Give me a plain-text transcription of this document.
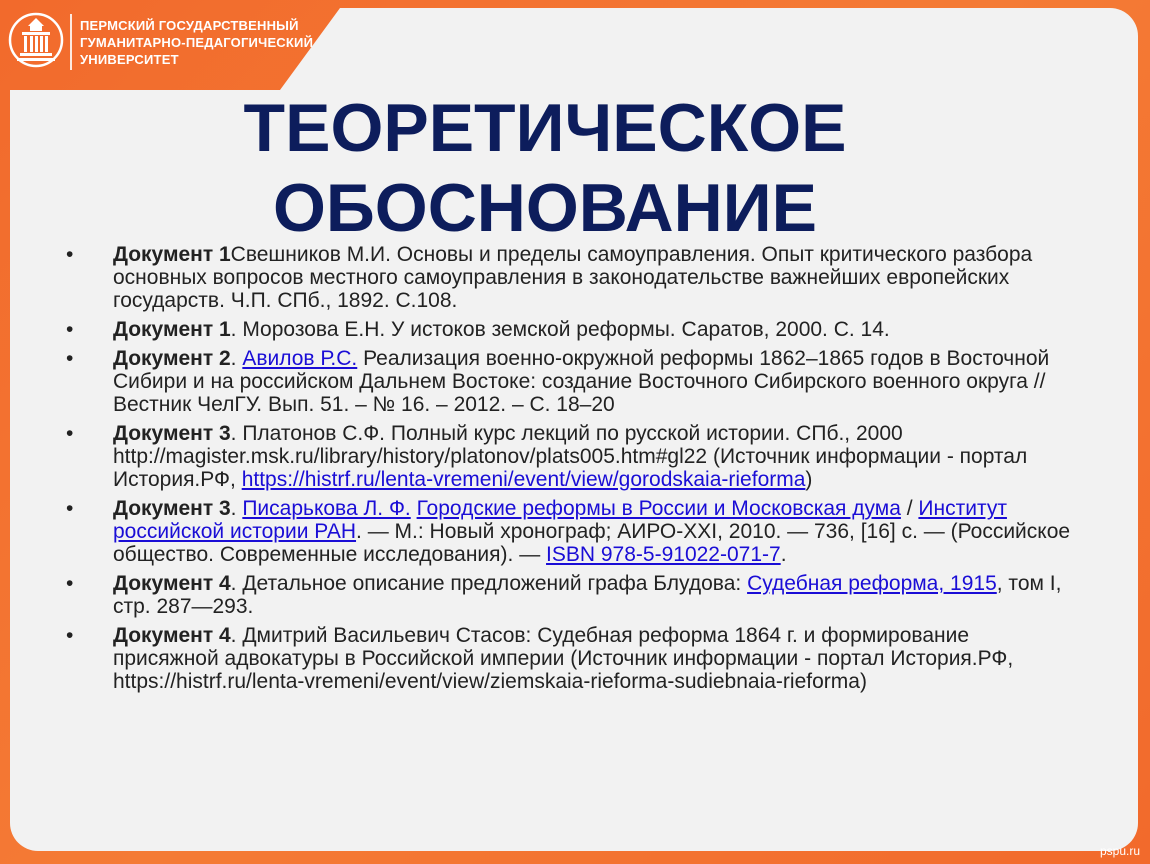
ПЕРМСКИЙ ГОСУДАРСТВЕННЫЙ
ГУМАНИТАРНО-ПЕДАГОГИЧЕСКИЙ
УНИВЕРСИТЕТ
ТЕОРЕТИЧЕСКОЕ
ОБОСНОВАНИЕ
•	Документ 1Свешников М.И. Основы и пределы самоуправления. Опыт критического разбора основных вопросов местного самоуправления в законодательстве важнейших европейских государств. Ч.П. СПб., 1892. С.108.
•	Документ 1. Морозова Е.Н. У истоков земской реформы. Саратов, 2000. С. 14.
•	Документ 2. Авилов Р.С. Реализация военно-окружной реформы 1862–1865 годов в Восточной Сибири и на российском Дальнем Востоке: создание Восточного Сибирского военного округа // Вестник ЧелГУ. Вып. 51. – № 16. – 2012. – С. 18–20
•	Документ 3. Платонов С.Ф. Полный курс лекций по русской истории. СПб., 2000 http://magister.msk.ru/library/history/platonov/plats005.htm#gl22 (Источник информации - портал История.РФ, https://histrf.ru/lenta-vremeni/event/view/gorodskaia-rieforma)
•	Документ 3. Писарькова Л. Ф. Городские реформы в России и Московская дума / Институт российской истории РАН. — М.: Новый хронограф; АИРО-XXI, 2010. — 736, [16] с. — (Российское общество. Современные исследования). — ISBN 978-5-91022-071-7.
•	Документ 4. Детальное описание предложений графа Блудова: Судебная реформа, 1915, том I, стр. 287—293.
•	Документ 4. Дмитрий Васильевич Стасов: Судебная реформа 1864 г. и формирование присяжной адвокатуры в Российской империи (Источник информации - портал История.РФ, https://histrf.ru/lenta-vremeni/event/view/ziemskaia-rieforma-sudiebnaia-rieforma)
pspu.ru
